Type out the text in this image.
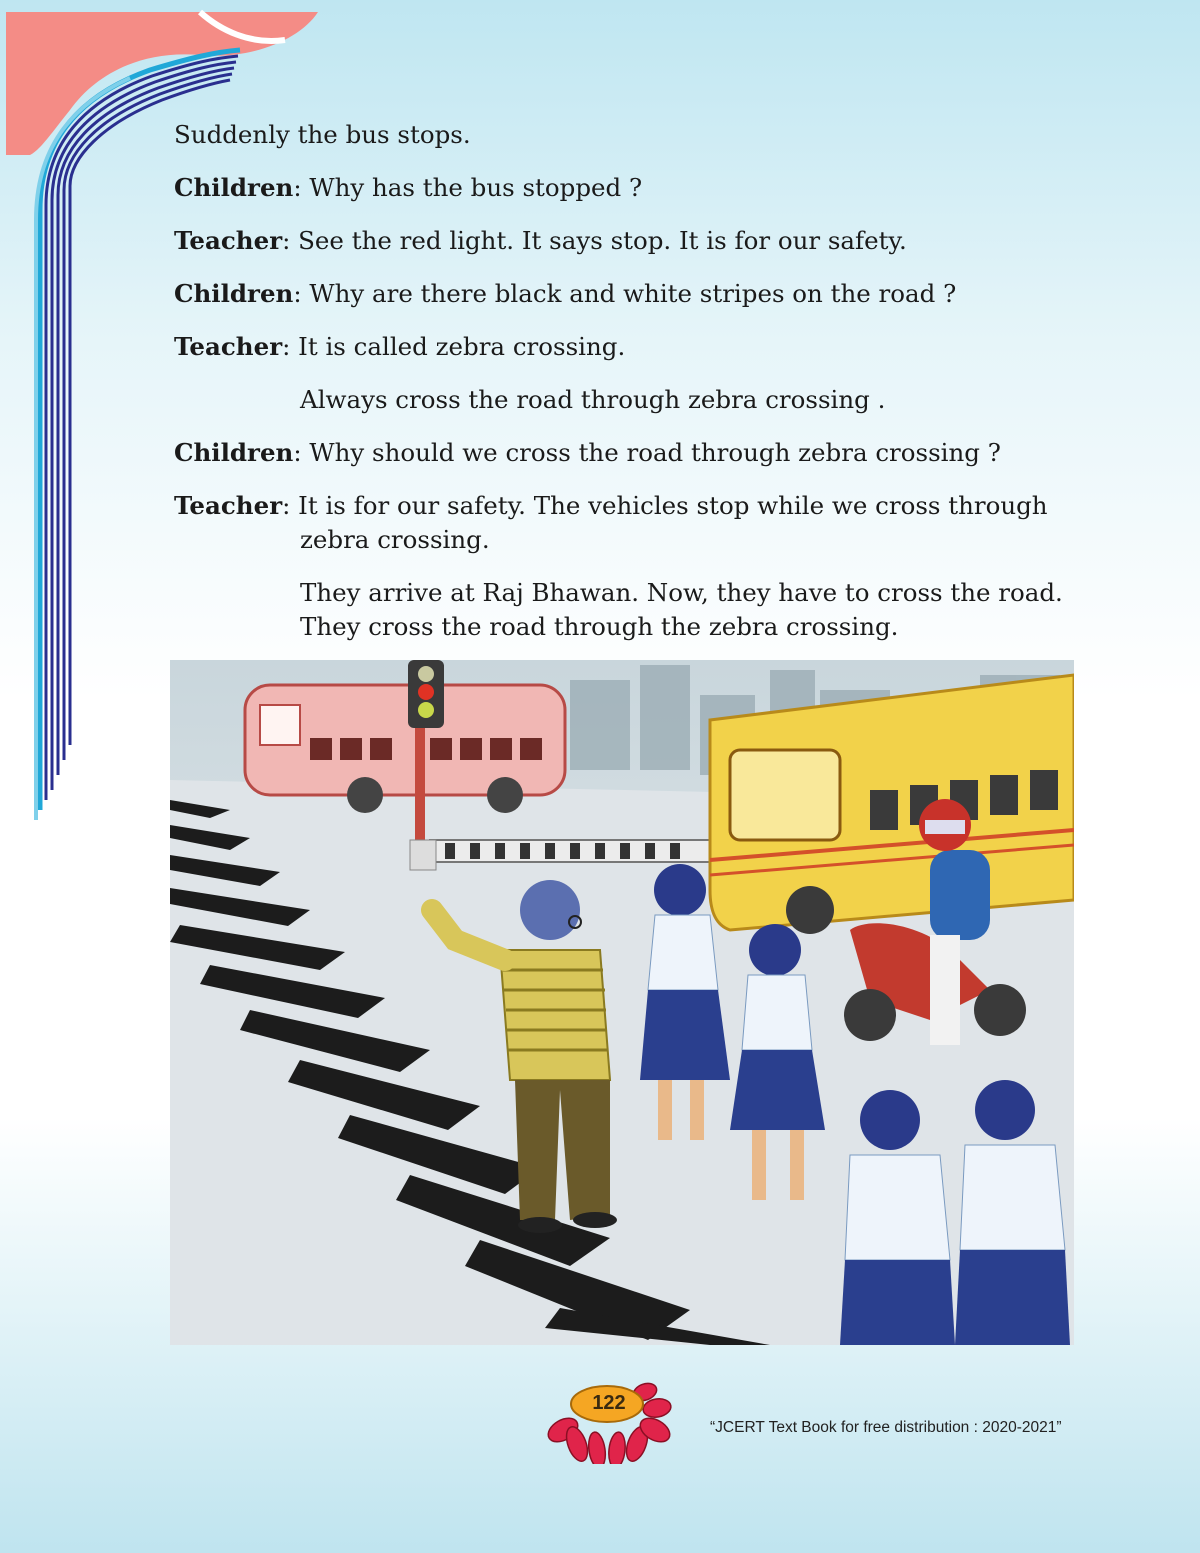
Suddenly the bus stops.

Children: Why has the bus stopped ?

Teacher: See the red light. It says stop. It is for our safety.

Children: Why are there black and white stripes on the road ?

Teacher: It is called zebra crossing.

Always cross the road through zebra crossing .

Children: Why should we cross the road through zebra crossing ?

Teacher: It is for our safety. The vehicles stop while we cross through
zebra crossing.
They arrive at Raj Bhawan. Now, they have to cross the road.
They cross the road through the zebra crossing.
122
“JCERT Text Book for free distribution : 2020-2021”
